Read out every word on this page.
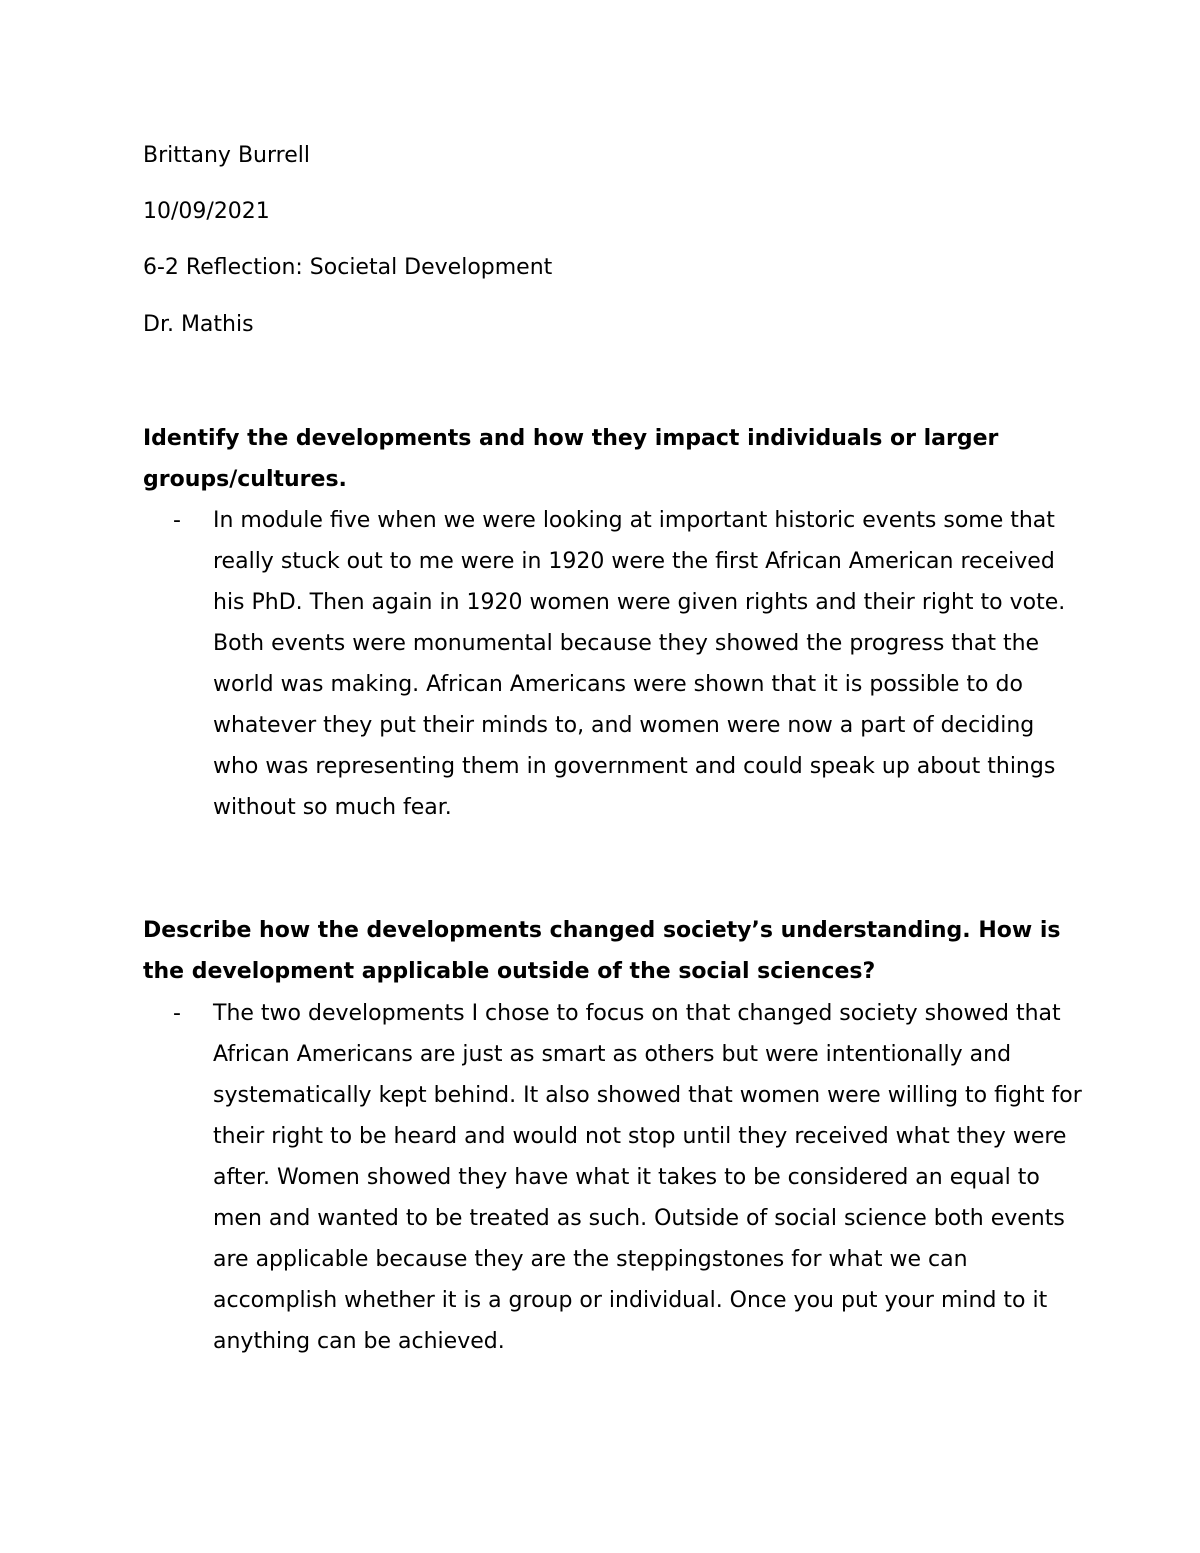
Brittany Burrell
10/09/2021
6-2 Reflection: Societal Development
Dr. Mathis
Identify the developments and how they impact individuals or larger groups/cultures.
-	In module five when we were looking at important historic events some that really stuck out to me were in 1920 were the first African American received his PhD. Then again in 1920 women were given rights and their right to vote. Both events were monumental because they showed the progress that the world was making. African Americans were shown that it is possible to do whatever they put their minds to, and women were now a part of deciding who was representing them in government and could speak up about things without so much fear.
Describe how the developments changed society’s understanding. How is the development applicable outside of the social sciences?
-	The two developments I chose to focus on that changed society showed that African Americans are just as smart as others but were intentionally and systematically kept behind. It also showed that women were willing to fight for their right to be heard and would not stop until they received what they were after. Women showed they have what it takes to be considered an equal to men and wanted to be treated as such. Outside of social science both events are applicable because they are the steppingstones for what we can accomplish whether it is a group or individual. Once you put your mind to it anything can be achieved.
